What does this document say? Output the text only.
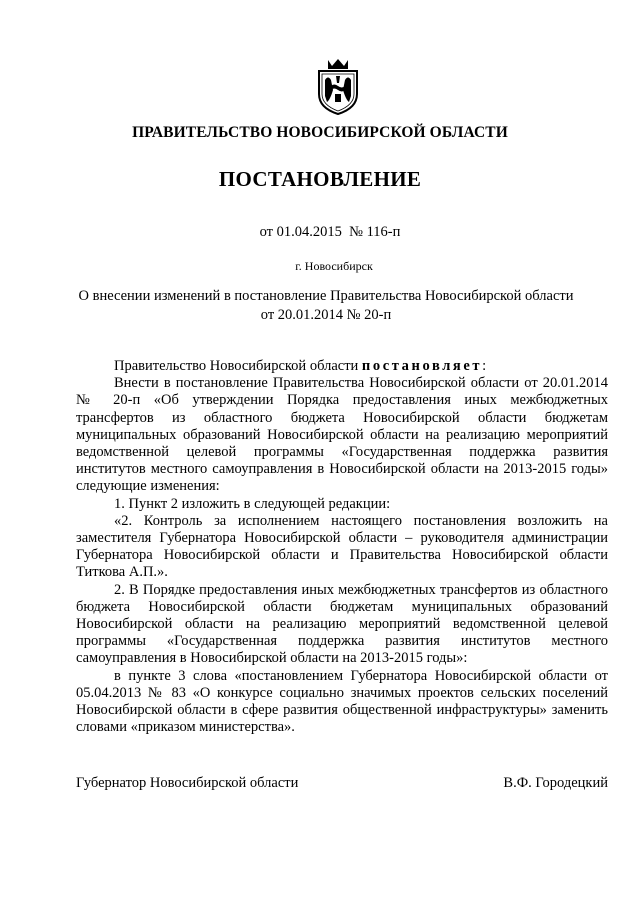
ПРАВИТЕЛЬСТВО НОВОСИБИРСКОЙ ОБЛАСТИ
ПОСТАНОВЛЕНИЕ
от 01.04.2015  № 116-п
г. Новосибирск
О внесении изменений в постановление Правительства Новосибирской области
от 20.01.2014 № 20-п

Правительство Новосибирской области постановляет:

Внести в постановление Правительства Новосибирской области от 20.01.2014 № 20-п «Об утверждении Порядка предоставления иных межбюджетных трансфертов из областного бюджета Новосибирской области бюджетам муниципальных образований Новосибирской области на реализацию мероприятий ведомственной целевой программы «Государственная поддержка развития институтов местного самоуправления в Новосибирской области на 2013-2015 годы» следующие изменения:

1. Пункт 2 изложить в следующей редакции:

«2. Контроль за исполнением настоящего постановления возложить на заместителя Губернатора Новосибирской области – руководителя администрации Губернатора Новосибирской области и Правительства Новосибирской области Титкова А.П.».

2. В Порядке предоставления иных межбюджетных трансфертов из областного бюджета Новосибирской области бюджетам муниципальных образований Новосибирской области на реализацию мероприятий ведомственной целевой программы «Государственная поддержка развития институтов местного самоуправления в Новосибирской области на 2013-2015 годы»:

в пункте 3 слова «постановлением Губернатора Новосибирской области от 05.04.2013 № 83 «О конкурсе социально значимых проектов сельских поселений Новосибирской области в сфере развития общественной инфраструктуры» заменить словами «приказом министерства».

Губернатор Новосибирской области	В.Ф. Городецкий
